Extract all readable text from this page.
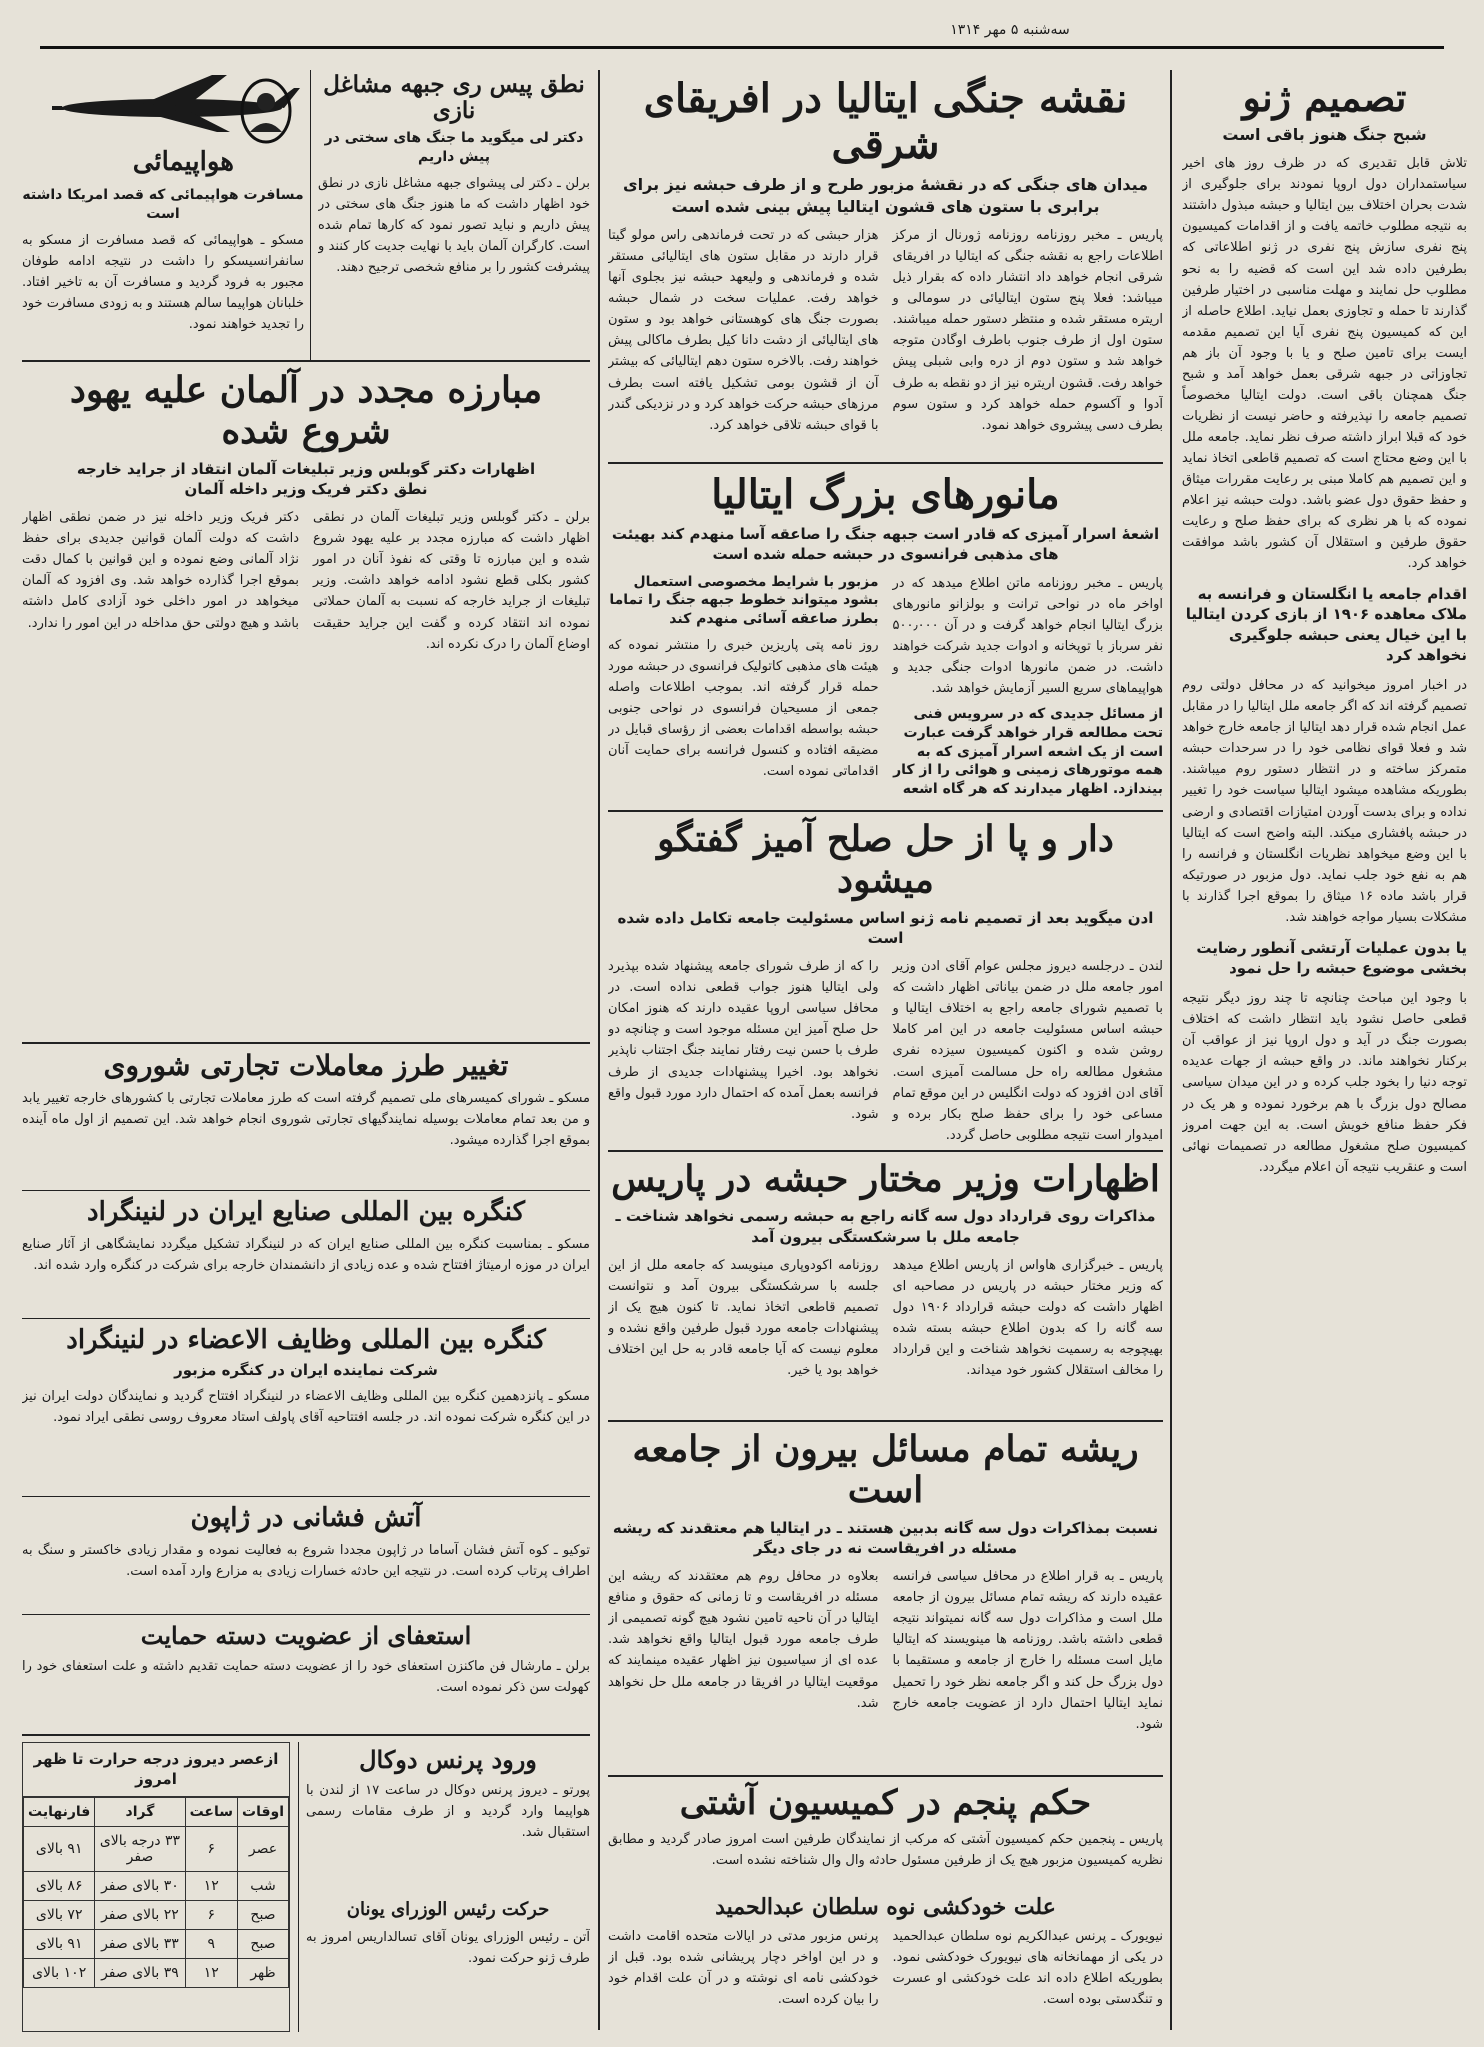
سه‌شنبه ۵ مهر ۱۳۱۴
تصمیم ژنو
شبح جنگ هنوز باقی است

تلاش قابل تقدیری که در ظرف روز های اخیر سیاستمداران دول اروپا نمودند برای جلوگیری از شدت بحران اختلاف بین ایتالیا و حبشه مبذول داشتند به نتیجه مطلوب خاتمه یافت و از اقدامات کمیسیون پنج نفری سازش پنج نفری در ژنو اطلاعاتی که بطرفین داده شد این است که قضیه را به نحو مطلوب حل نمایند و مهلت مناسبی در اختیار طرفین گذارند تا حمله و تجاوزی بعمل نیاید. اطلاع حاصله از این که کمیسیون پنج نفری آیا این تصمیم مقدمه ایست برای تامین صلح و یا با وجود آن باز هم تجاوزاتی در جبهه شرقی بعمل خواهد آمد و شبح جنگ همچنان باقی است. دولت ایتالیا مخصوصاً تصمیم جامعه را نپذیرفته و حاضر نیست از نظریات خود که قبلا ابراز داشته صرف نظر نماید. جامعه ملل با این وضع محتاج است که تصمیم قاطعی اتخاذ نماید و این تصمیم هم کاملا مبنی بر رعایت مقررات میثاق و حفظ حقوق دول عضو باشد. دولت حبشه نیز اعلام نموده که با هر نظری که برای حفظ صلح و رعایت حقوق طرفین و استقلال آن کشور باشد موافقت خواهد کرد.

اقدام جامعه یا انگلستان و فرانسه به ملاک معاهده ۱۹۰۶ از بازی کردن ایتالیا با این خیال یعنی حبشه جلوگیری نخواهد کرد

در اخبار امروز میخوانید که در محافل دولتی روم تصمیم گرفته اند که اگر جامعه ملل ایتالیا را در مقابل عمل انجام شده قرار دهد ایتالیا از جامعه خارج خواهد شد و فعلا قوای نظامی خود را در سرحدات حبشه متمرکز ساخته و در انتظار دستور روم میباشند. بطوریکه مشاهده میشود ایتالیا سیاست خود را تغییر نداده و برای بدست آوردن امتیازات اقتصادی و ارضی در حبشه پافشاری میکند. البته واضح است که ایتالیا با این وضع میخواهد نظریات انگلستان و فرانسه را هم به نفع خود جلب نماید. دول مزبور در صورتیکه قرار باشد ماده ۱۶ میثاق را بموقع اجرا گذارند با مشکلات بسیار مواجه خواهند شد.

یا بدون عملیات آرتشی آنطور رضایت بخشی موضوع حبشه را حل نمود

با وجود این مباحث چنانچه تا چند روز دیگر نتیجه قطعی حاصل نشود باید انتظار داشت که اختلاف بصورت جنگ در آید و دول اروپا نیز از عواقب آن برکنار نخواهند ماند. در واقع حبشه از جهات عدیده توجه دنیا را بخود جلب کرده و در این میدان سیاسی مصالح دول بزرگ با هم برخورد نموده و هر یک در فکر حفظ منافع خویش است. به این جهت امروز کمیسیون صلح مشغول مطالعه در تصمیمات نهائی است و عنقریب نتیجه آن اعلام میگردد.

نقشه جنگی ایتالیا در افریقای شرقی
میدان های جنگی که در نقشهٔ مزبور طرح و از طرف حبشه نیز برای برابری با ستون های قشون ایتالیا پیش بینی شده است

پاریس ـ مخبر روزنامه روزنامه ژورنال از مرکز اطلاعات راجع به نقشه جنگی که ایتالیا در افریقای شرقی انجام خواهد داد انتشار داده که بقرار ذیل میباشد: فعلا پنج ستون ایتالیائی در سومالی و اریتره مستقر شده و منتظر دستور حمله میباشند. ستون اول از طرف جنوب باطرف اوگادن متوجه خواهد شد و ستون دوم از دره وابی شبلی پیش خواهد رفت. قشون اریتره نیز از دو نقطه به طرف آدوا و آکسوم حمله خواهد کرد و ستون سوم بطرف دسی پیشروی خواهد نمود.

هزار حبشی که در تحت فرماندهی راس مولو گیتا قرار دارند در مقابل ستون های ایتالیائی مستقر شده و فرماندهی و ولیعهد حبشه نیز بجلوی آنها خواهد رفت. عملیات سخت در شمال حبشه بصورت جنگ های کوهستانی خواهد بود و ستون های ایتالیائی از دشت دانا کیل بطرف ماکالی پیش خواهند رفت. بالاخره ستون دهم ایتالیائی که بیشتر آن از قشون بومی تشکیل یافته است بطرف مرزهای حبشه حرکت خواهد کرد و در نزدیکی گندر با قوای حبشه تلاقی خواهد کرد.

مانورهای بزرگ ایتالیا
اشعهٔ اسرار آمیزی که قادر است جبهه جنگ را صاعقه آسا منهدم کند بهیئت های مذهبی فرانسوی در حبشه حمله شده است

پاریس ـ مخبر روزنامه ماتن اطلاع میدهد که در اواخر ماه در نواحی ترانت و بولزانو مانورهای بزرگ ایتالیا انجام خواهد گرفت و در آن ۵۰۰٫۰۰۰ نفر سرباز با توپخانه و ادوات جدید شرکت خواهند داشت. در ضمن مانورها ادوات جنگی جدید و هواپیماهای سریع السیر آزمایش خواهد شد.

از مسائل جدیدی که در سرویس فنی تحت مطالعه قرار خواهد گرفت عبارت است از یک اشعه اسرار آمیزی که به همه موتورهای زمینی و هوائی را از کار بیندازد. اظهار میدارند که هر گاه اشعه

مزبور با شرایط مخصوصی استعمال بشود میتواند خطوط جبهه جنگ را تماما بطرز صاعقه آسائی منهدم کند

روز نامه پتی پاریزین خبری را منتشر نموده که هیئت های مذهبی کاتولیک فرانسوی در حبشه مورد حمله قرار گرفته اند. بموجب اطلاعات واصله جمعی از مسیحیان فرانسوی در نواحی جنوبی حبشه بواسطه اقدامات بعضی از رؤسای قبایل در مضیقه افتاده و کنسول فرانسه برای حمایت آنان اقداماتی نموده است.

دار و پا از حل صلح آمیز گفتگو میشود
ادن میگوید بعد از تصمیم نامه ژنو اساس مسئولیت جامعه تکامل داده شده است

لندن ـ درجلسه دیروز مجلس عوام آقای ادن وزیر امور جامعه ملل در ضمن بیاناتی اظهار داشت که با تصمیم شورای جامعه راجع به اختلاف ایتالیا و حبشه اساس مسئولیت جامعه در این امر کاملا روشن شده و اکنون کمیسیون سیزده نفری مشغول مطالعه راه حل مسالمت آمیزی است. آقای ادن افزود که دولت انگلیس در این موقع تمام مساعی خود را برای حفظ صلح بکار برده و امیدوار است نتیجه مطلوبی حاصل گردد.

را که از طرف شورای جامعه پیشنهاد شده بپذیرد ولی ایتالیا هنوز جواب قطعی نداده است. در محافل سیاسی اروپا عقیده دارند که هنوز امکان حل صلح آمیز این مسئله موجود است و چنانچه دو طرف با حسن نیت رفتار نمایند جنگ اجتناب ناپذیر نخواهد بود. اخیرا پیشنهادات جدیدی از طرف فرانسه بعمل آمده که احتمال دارد مورد قبول واقع شود.

اظهارات وزیر مختار حبشه در پاریس
مذاکرات روی قرارداد دول سه گانه راجع به حبشه رسمی نخواهد شناخت ـ جامعه ملل با سرشکستگی بیرون آمد

پاریس ـ خبرگزاری هاواس از پاریس اطلاع میدهد که وزیر مختار حبشه در پاریس در مصاحبه ای اظهار داشت که دولت حبشه قرارداد ۱۹۰۶ دول سه گانه را که بدون اطلاع حبشه بسته شده بهیچوجه به رسمیت نخواهد شناخت و این قرارداد را مخالف استقلال کشور خود میداند.

روزنامه اکودوپاری مینویسد که جامعه ملل از این جلسه با سرشکستگی بیرون آمد و نتوانست تصمیم قاطعی اتخاذ نماید. تا کنون هیچ یک از پیشنهادات جامعه مورد قبول طرفین واقع نشده و معلوم نیست که آیا جامعه قادر به حل این اختلاف خواهد بود یا خیر.

ریشه تمام مسائل بیرون از جامعه است
نسبت بمذاکرات دول سه گانه بدبین هستند ـ در ایتالیا هم معتقدند که ریشه مسئله در افریقاست نه در جای دیگر

پاریس ـ به قرار اطلاع در محافل سیاسی فرانسه عقیده دارند که ریشه تمام مسائل بیرون از جامعه ملل است و مذاکرات دول سه گانه نمیتواند نتیجه قطعی داشته باشد. روزنامه ها مینویسند که ایتالیا مایل است مسئله را خارج از جامعه و مستقیما با دول بزرگ حل کند و اگر جامعه نظر خود را تحمیل نماید ایتالیا احتمال دارد از عضویت جامعه خارج شود.

بعلاوه در محافل روم هم معتقدند که ریشه این مسئله در افریقاست و تا زمانی که حقوق و منافع ایتالیا در آن ناحیه تامین نشود هیچ گونه تصمیمی از طرف جامعه مورد قبول ایتالیا واقع نخواهد شد. عده ای از سیاسیون نیز اظهار عقیده مینمایند که موقعیت ایتالیا در افریقا در جامعه ملل حل نخواهد شد.

حکم پنجم در کمیسیون آشتی

پاریس ـ پنجمین حکم کمیسیون آشتی که مرکب از نمایندگان طرفین است امروز صادر گردید و مطابق نظریه کمیسیون مزبور هیچ یک از طرفین مسئول حادثه وال وال شناخته نشده است.

علت خودکشی نوه سلطان عبدالحمید

نیویورک ـ پرنس عبدالکریم نوه سلطان عبدالحمید در یکی از مهمانخانه های نیویورک خودکشی نمود. بطوریکه اطلاع داده اند علت خودکشی او عسرت و تنگدستی بوده است.

پرنس مزبور مدتی در ایالات متحده اقامت داشت و در این اواخر دچار پریشانی شده بود. قبل از خودکشی نامه ای نوشته و در آن علت اقدام خود را بیان کرده است.

نطق پیس ری جبهه مشاغل نازی
دکتر لی میگوید ما جنگ های سختی در پیش داریم

برلن ـ دکتر لی پیشوای جبهه مشاغل نازی در نطق خود اظهار داشت که ما هنوز جنگ های سختی در پیش داریم و نباید تصور نمود که کارها تمام شده است. کارگران آلمان باید با نهایت جدیت کار کنند و پیشرفت کشور را بر منافع شخصی ترجیح دهند.

هواپیمائی
مسافرت هواپیمائی که قصد امریکا داشته است

مسکو ـ هواپیمائی که قصد مسافرت از مسکو به سانفرانسیسکو را داشت در نتیجه ادامه طوفان مجبور به فرود گردید و مسافرت آن به تاخیر افتاد. خلبانان هواپیما سالم هستند و به زودی مسافرت خود را تجدید خواهند نمود.

مبارزه مجدد در آلمان علیه یهود شروع شده
اظهارات دکتر گوبلس وزیر تبلیغات آلمان انتقاد از جراید خارجه
نطق دکتر فریک وزیر داخله آلمان

برلن ـ دکتر گوبلس وزیر تبلیغات آلمان در نطقی اظهار داشت که مبارزه مجدد بر علیه یهود شروع شده و این مبارزه تا وقتی که نفوذ آنان در امور کشور بکلی قطع نشود ادامه خواهد داشت. وزیر تبلیغات از جراید خارجه که نسبت به آلمان حملاتی نموده اند انتقاد کرده و گفت این جراید حقیقت اوضاع آلمان را درک نکرده اند.

دکتر فریک وزیر داخله نیز در ضمن نطقی اظهار داشت که دولت آلمان قوانین جدیدی برای حفظ نژاد آلمانی وضع نموده و این قوانین با کمال دقت بموقع اجرا گذارده خواهد شد. وی افزود که آلمان میخواهد در امور داخلی خود آزادی کامل داشته باشد و هیچ دولتی حق مداخله در این امور را ندارد.

تغییر طرز معاملات تجارتی شوروی

مسکو ـ شورای کمیسرهای ملی تصمیم گرفته است که طرز معاملات تجارتی با کشورهای خارجه تغییر یابد و من بعد تمام معاملات بوسیله نمایندگیهای تجارتی شوروی انجام خواهد شد. این تصمیم از اول ماه آینده بموقع اجرا گذارده میشود.

کنگره بین المللی صنایع ایران در لنینگراد

مسکو ـ بمناسبت کنگره بین المللی صنایع ایران که در لنینگراد تشکیل میگردد نمایشگاهی از آثار صنایع ایران در موزه ارمیتاژ افتتاح شده و عده زیادی از دانشمندان خارجه برای شرکت در کنگره وارد شده اند.

کنگره بین المللی وظایف الاعضاء در لنینگراد
شرکت نماینده ایران در کنگره مزبور

مسکو ـ پانزدهمین کنگره بین المللی وظایف الاعضاء در لنینگراد افتتاح گردید و نمایندگان دولت ایران نیز در این کنگره شرکت نموده اند. در جلسه افتتاحیه آقای پاولف استاد معروف روسی نطقی ایراد نمود.

آتش فشانی در ژاپون

توکیو ـ کوه آتش فشان آساما در ژاپون مجددا شروع به فعالیت نموده و مقدار زیادی خاکستر و سنگ به اطراف پرتاب کرده است. در نتیجه این حادثه خسارات زیادی به مزارع وارد آمده است.

استعفای از عضویت دسته حمایت

برلن ـ مارشال فن ماکنزن استعفای خود را از عضویت دسته حمایت تقدیم داشته و علت استعفای خود را کهولت سن ذکر نموده است.

ازعصر دیروز درجه حرارت تا ظهر امروز
اوقات	ساعت	گراد	فارنهایت
عصر	۶	۳۳ درجه بالای صفر	۹۱ بالای
شب	۱۲	۳۰ بالای صفر	۸۶ بالای
صبح	۶	۲۲ بالای صفر	۷۲ بالای
صبح	۹	۳۳ بالای صفر	۹۱ بالای
ظهر	۱۲	۳۹ بالای صفر	۱۰۲ بالای
ورود پرنس دوکال

پورتو ـ دیروز پرنس دوکال در ساعت ۱۷ از لندن با هواپیما وارد گردید و از طرف مقامات رسمی استقبال شد.

حرکت رئیس الوزرای یونان

آتن ـ رئیس الوزرای یونان آقای تسالداریس امروز به طرف ژنو حرکت نمود.
